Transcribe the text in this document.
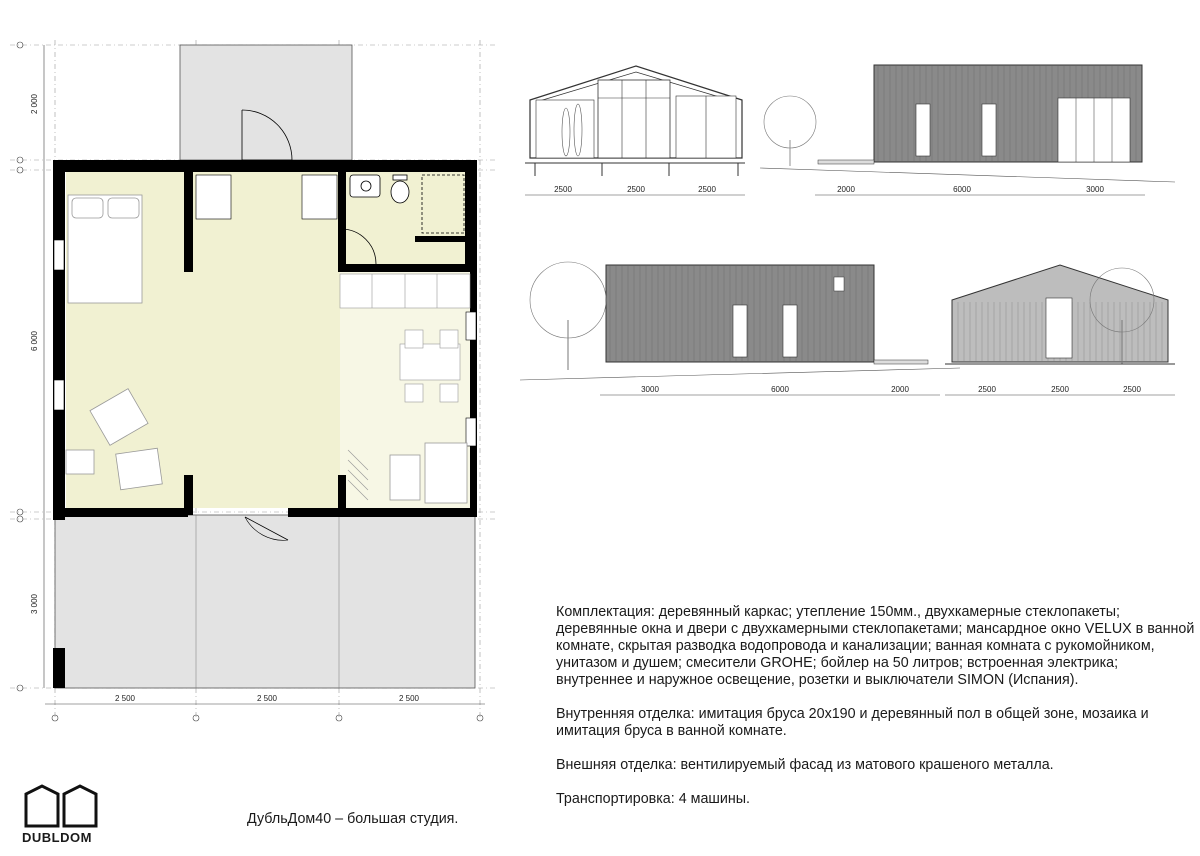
2 000
6 000
3 000
2 500	2 500	2 500
2500	2500	2500	2000	6000	3000
3000	6000	2000	2500	2500	2500

Комплектация: деревянный каркас; утепление 150мм., двухкамерные стеклопакеты; деревянные окна и двери с двухкамерными стеклопакетами; мансардное окно VELUX в ванной комнате, скрытая разводка водопровода и канализации; ванная комната с рукомойником, унитазом и душем; смесители GROHE; бойлер на 50 литров; встроенная электрика; внутреннее и наружное освещение, розетки и выключатели SIMON (Испания).

Внутренняя отделка: имитация бруса 20х190 и деревянный пол в общей зоне, мозаика и имитация бруса в ванной комнате.

Внешняя отделка: вентилируемый фасад из матового крашеного металла.

Транспортировка: 4 машины.

ДубльДом40 – большая студия.
DUBLDOM
